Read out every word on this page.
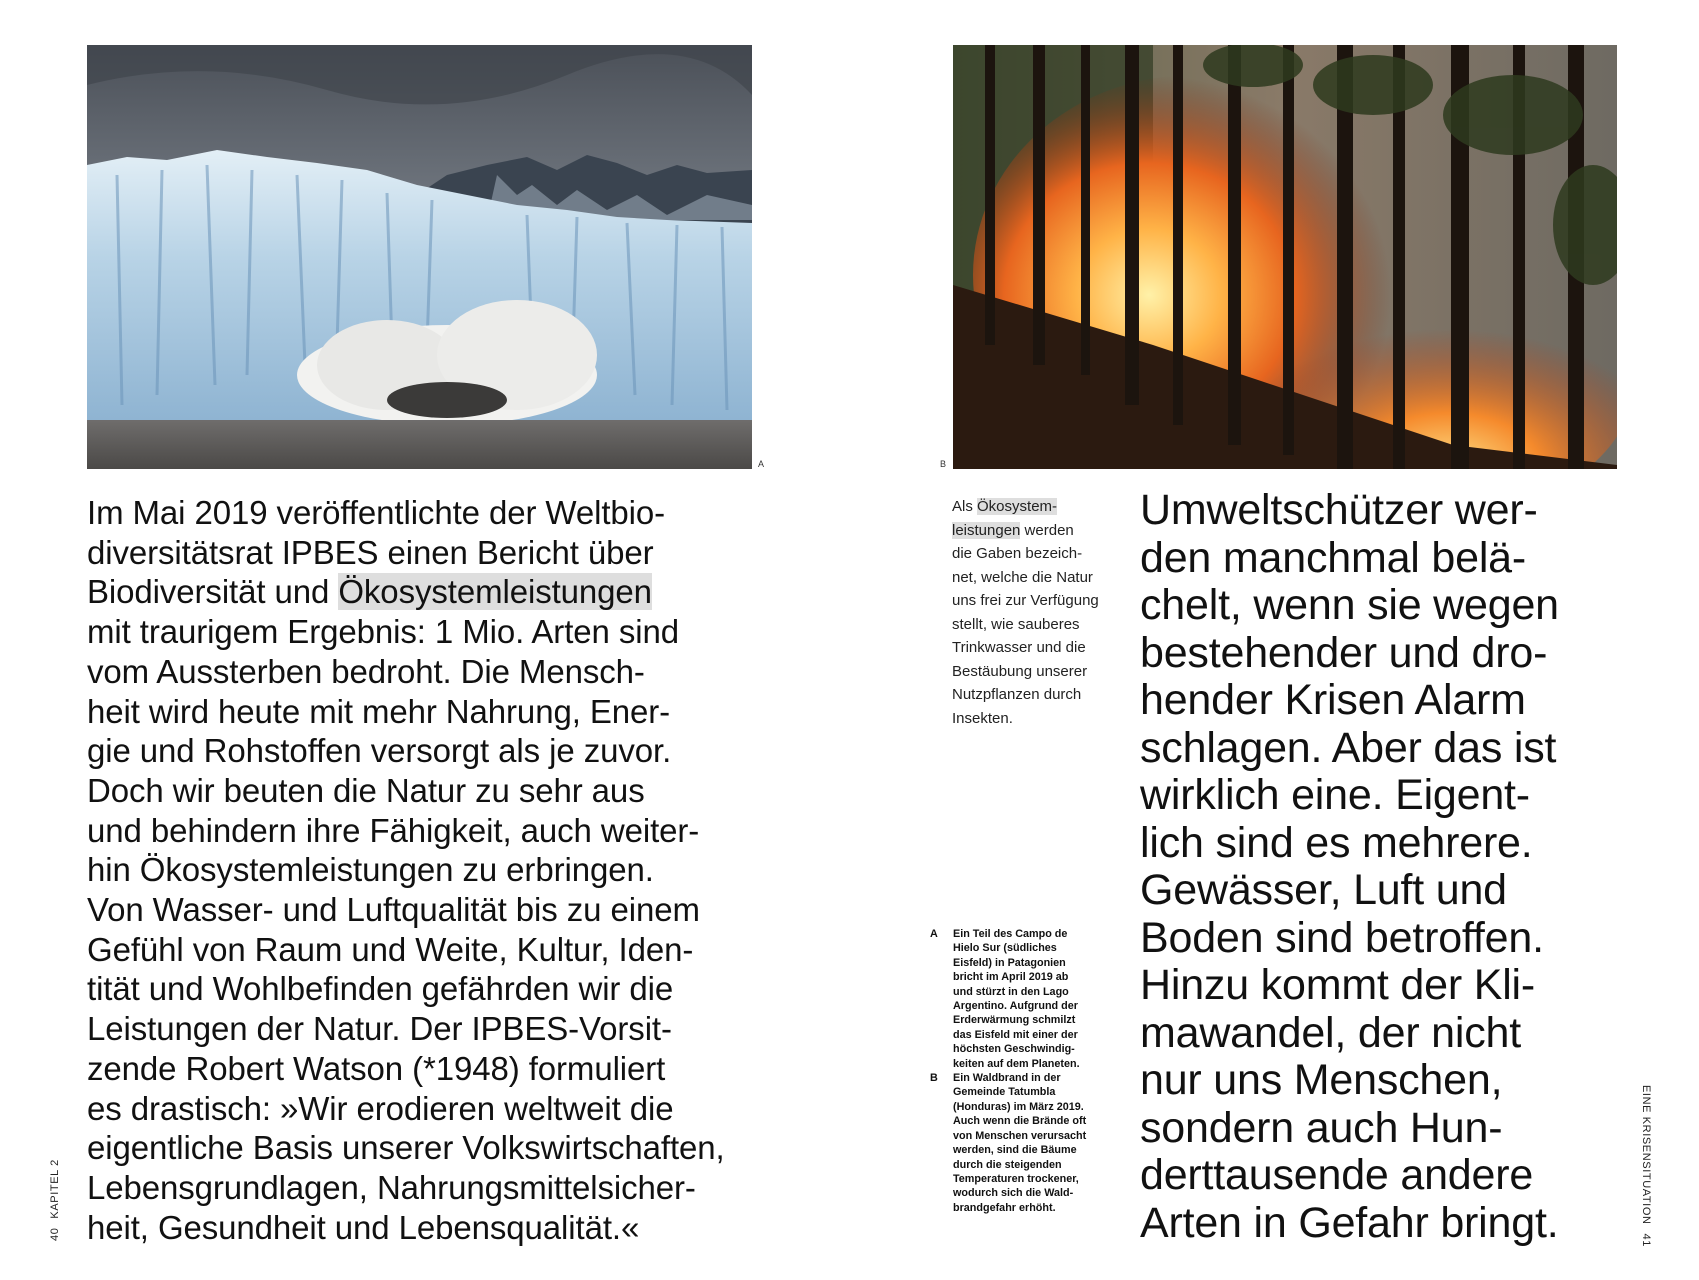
A	B

Im Mai 2019 veröffentlichte der Weltbio-
diversitätsrat IPBES einen Bericht über
Biodiversität und Ökosystemleistungen
mit traurigem Ergebnis: 1 Mio. Arten sind
vom Aussterben bedroht. Die Mensch-
heit wird heute mit mehr Nahrung, Ener-
gie und Rohstoffen versorgt als je zuvor.
Doch wir beuten die Natur zu sehr aus
und behindern ihre Fähigkeit, auch weiter-
hin Ökosystemleistungen zu erbringen.
Von Wasser- und Luftqualität bis zu einem
Gefühl von Raum und Weite, Kultur, Iden-
tität und Wohlbefinden gefährden wir die
Leistungen der Natur. Der IPBES-Vorsit-
zende Robert Watson (*1948) formuliert
es drastisch: »Wir erodieren weltweit die
eigentliche Basis unserer Volkswirtschaften,
Lebensgrundlagen, Nahrungsmittelsicher-
heit, Gesundheit und Lebensqualität.«

40KAPITEL 2

Als Ökosystem-
leistungen werden
die Gaben bezeich-
net, welche die Natur
uns frei zur Verfügung
stellt, wie sauberes
Trinkwasser und die
Bestäubung unserer
Nutzpflanzen durch
Insekten.

Umweltschützer wer-
den manchmal belä-
chelt, wenn sie wegen
bestehender und dro-
hender Krisen Alarm
schlagen. Aber das ist
wirklich eine. Eigent-
lich sind es mehrere.
Gewässer, Luft und
Boden sind betroffen.
Hinzu kommt der Kli-
mawandel, der nicht
nur uns Menschen,
sondern auch Hun-
derttausende andere
Arten in Gefahr bringt.

A Ein Teil des Campo de
Hielo Sur (südliches
Eisfeld) in Patagonien
bricht im April 2019 ab
und stürzt in den Lago
Argentino. Aufgrund der
Erderwärmung schmilzt
das Eisfeld mit einer der
höchsten Geschwindig-
keiten auf dem Planeten.
B Ein Waldbrand in der
Gemeinde Tatumbla
(Honduras) im März 2019.
Auch wenn die Brände oft
von Menschen verursacht
werden, sind die Bäume
durch die steigenden
Temperaturen trockener,
wodurch sich die Wald-
brandgefahr erhöht.	EINE KRISENSITUATION41
